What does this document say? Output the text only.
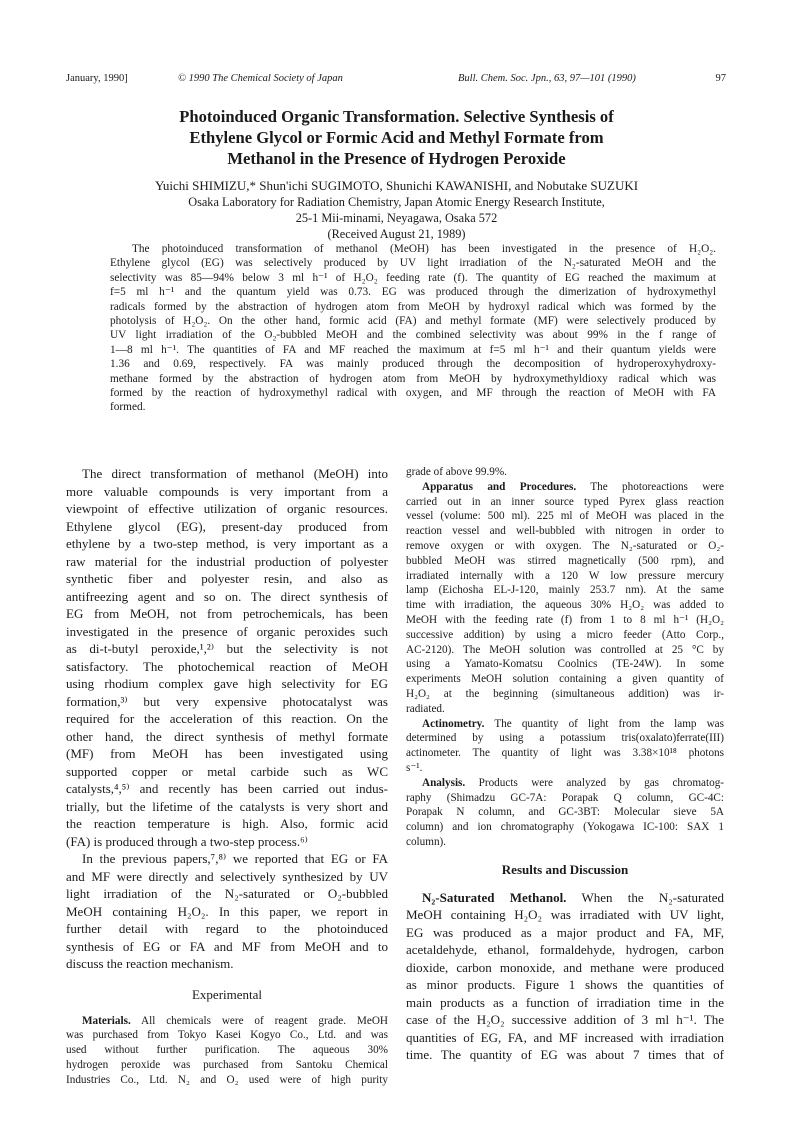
January, 1990]	© 1990 The Chemical Society of Japan	Bull. Chem. Soc. Jpn., 63, 97—101 (1990)	97
Photoinduced Organic Transformation. Selective Synthesis of
Ethylene Glycol or Formic Acid and Methyl Formate from
Methanol in the Presence of Hydrogen Peroxide
Yuichi SHIMIZU,* Shun'ichi SUGIMOTO, Shunichi KAWANISHI, and Nobutake SUZUKI
Osaka Laboratory for Radiation Chemistry, Japan Atomic Energy Research Institute,
25-1 Mii-minami, Neyagawa, Osaka 572
(Received August 21, 1989)
The photoinduced transformation of methanol (MeOH) has been investigated in the presence of H₂O₂.
Ethylene glycol (EG) was selectively produced by UV light irradiation of the N₂-saturated MeOH and the
selectivity was 85—94% below 3 ml h⁻¹ of H₂O₂ feeding rate (f). The quantity of EG reached the maximum at
f=5 ml h⁻¹ and the quantum yield was 0.73. EG was produced through the dimerization of hydroxymethyl
radicals formed by the abstraction of hydrogen atom from MeOH by hydroxyl radical which was formed by the
photolysis of H₂O₂. On the other hand, formic acid (FA) and methyl formate (MF) were selectively produced by
UV light irradiation of the O₂-bubbled MeOH and the combined selectivity was about 99% in the f range of
1—8 ml h⁻¹. The quantities of FA and MF reached the maximum at f=5 ml h⁻¹ and their quantum yields were
1.36 and 0.69, respectively. FA was mainly produced through the decomposition of hydroperoxyhydroxy-
methane formed by the abstraction of hydrogen atom from MeOH by hydroxymethyldioxy radical which was
formed by the reaction of hydroxymethyl radical with oxygen, and MF through the reaction of MeOH with FA
formed.
The direct transformation of methanol (MeOH) into
more valuable compounds is very important from a
viewpoint of effective utilization of organic resources.
Ethylene glycol (EG), present-day produced from
ethylene by a two-step method, is very important as a
raw material for the industrial production of polyester
synthetic fiber and polyester resin, and also as
antifreezing agent and so on. The direct synthesis of
EG from MeOH, not from petrochemicals, has been
investigated in the presence of organic peroxides such
as di-t-butyl peroxide,¹,²⁾ but the selectivity is not
satisfactory. The photochemical reaction of MeOH
using rhodium complex gave high selectivity for EG
formation,³⁾ but very expensive photocatalyst was
required for the acceleration of this reaction. On the
other hand, the direct synthesis of methyl formate
(MF) from MeOH has been investigated using
supported copper or metal carbide such as WC
catalysts,⁴,⁵⁾ and recently has been carried out indus-
trially, but the lifetime of the catalysts is very short and
the reaction temperature is high. Also, formic acid
(FA) is produced through a two-step process.⁶⁾
In the previous papers,⁷,⁸⁾ we reported that EG or FA
and MF were directly and selectively synthesized by UV
light irradiation of the N₂-saturated or O₂-bubbled
MeOH containing H₂O₂. In this paper, we report in
further detail with regard to the photoinduced
synthesis of EG or FA and MF from MeOH and to
discuss the reaction mechanism.
Experimental
Materials. All chemicals were of reagent grade. MeOH
was purchased from Tokyo Kasei Kogyo Co., Ltd. and was
used without further purification. The aqueous 30%
hydrogen peroxide was purchased from Santoku Chemical
Industries Co., Ltd. N₂ and O₂ used were of high purity
grade of above 99.9%.
Apparatus and Procedures. The photoreactions were
carried out in an inner source typed Pyrex glass reaction
vessel (volume: 500 ml). 225 ml of MeOH was placed in the
reaction vessel and well-bubbled with nitrogen in order to
remove oxygen or with oxygen. The N₂-saturated or O₂-
bubbled MeOH was stirred magnetically (500 rpm), and
irradiated internally with a 120 W low pressure mercury
lamp (Eichosha EL-J-120, mainly 253.7 nm). At the same
time with irradiation, the aqueous 30% H₂O₂ was added to
MeOH with the feeding rate (f) from 1 to 8 ml h⁻¹ (H₂O₂
successive addition) by using a micro feeder (Atto Corp.,
AC-2120). The MeOH solution was controlled at 25 °C by
using a Yamato-Komatsu Coolnics (TE-24W). In some
experiments MeOH solution containing a given quantity of
H₂O₂ at the beginning (simultaneous addition) was ir-
radiated.
Actinometry. The quantity of light from the lamp was
determined by using a potassium tris(oxalato)ferrate(III)
actinometer. The quantity of light was 3.38×10¹⁸ photons
s⁻¹.
Analysis. Products were analyzed by gas chromatog-
raphy (Shimadzu GC-7A: Porapak Q column, GC-4C:
Porapak N column, and GC-3BT: Molecular sieve 5A
column) and ion chromatography (Yokogawa IC-100: SAX 1
column).
Results and Discussion
N₂-Saturated Methanol. When the N₂-saturated
MeOH containing H₂O₂ was irradiated with UV light,
EG was produced as a major product and FA, MF,
acetaldehyde, ethanol, formaldehyde, hydrogen, carbon
dioxide, carbon monoxide, and methane were produced
as minor products. Figure 1 shows the quantities of
main products as a function of irradiation time in the
case of the H₂O₂ successive addition of 3 ml h⁻¹. The
quantities of EG, FA, and MF increased with irradiation
time. The quantity of EG was about 7 times that of
